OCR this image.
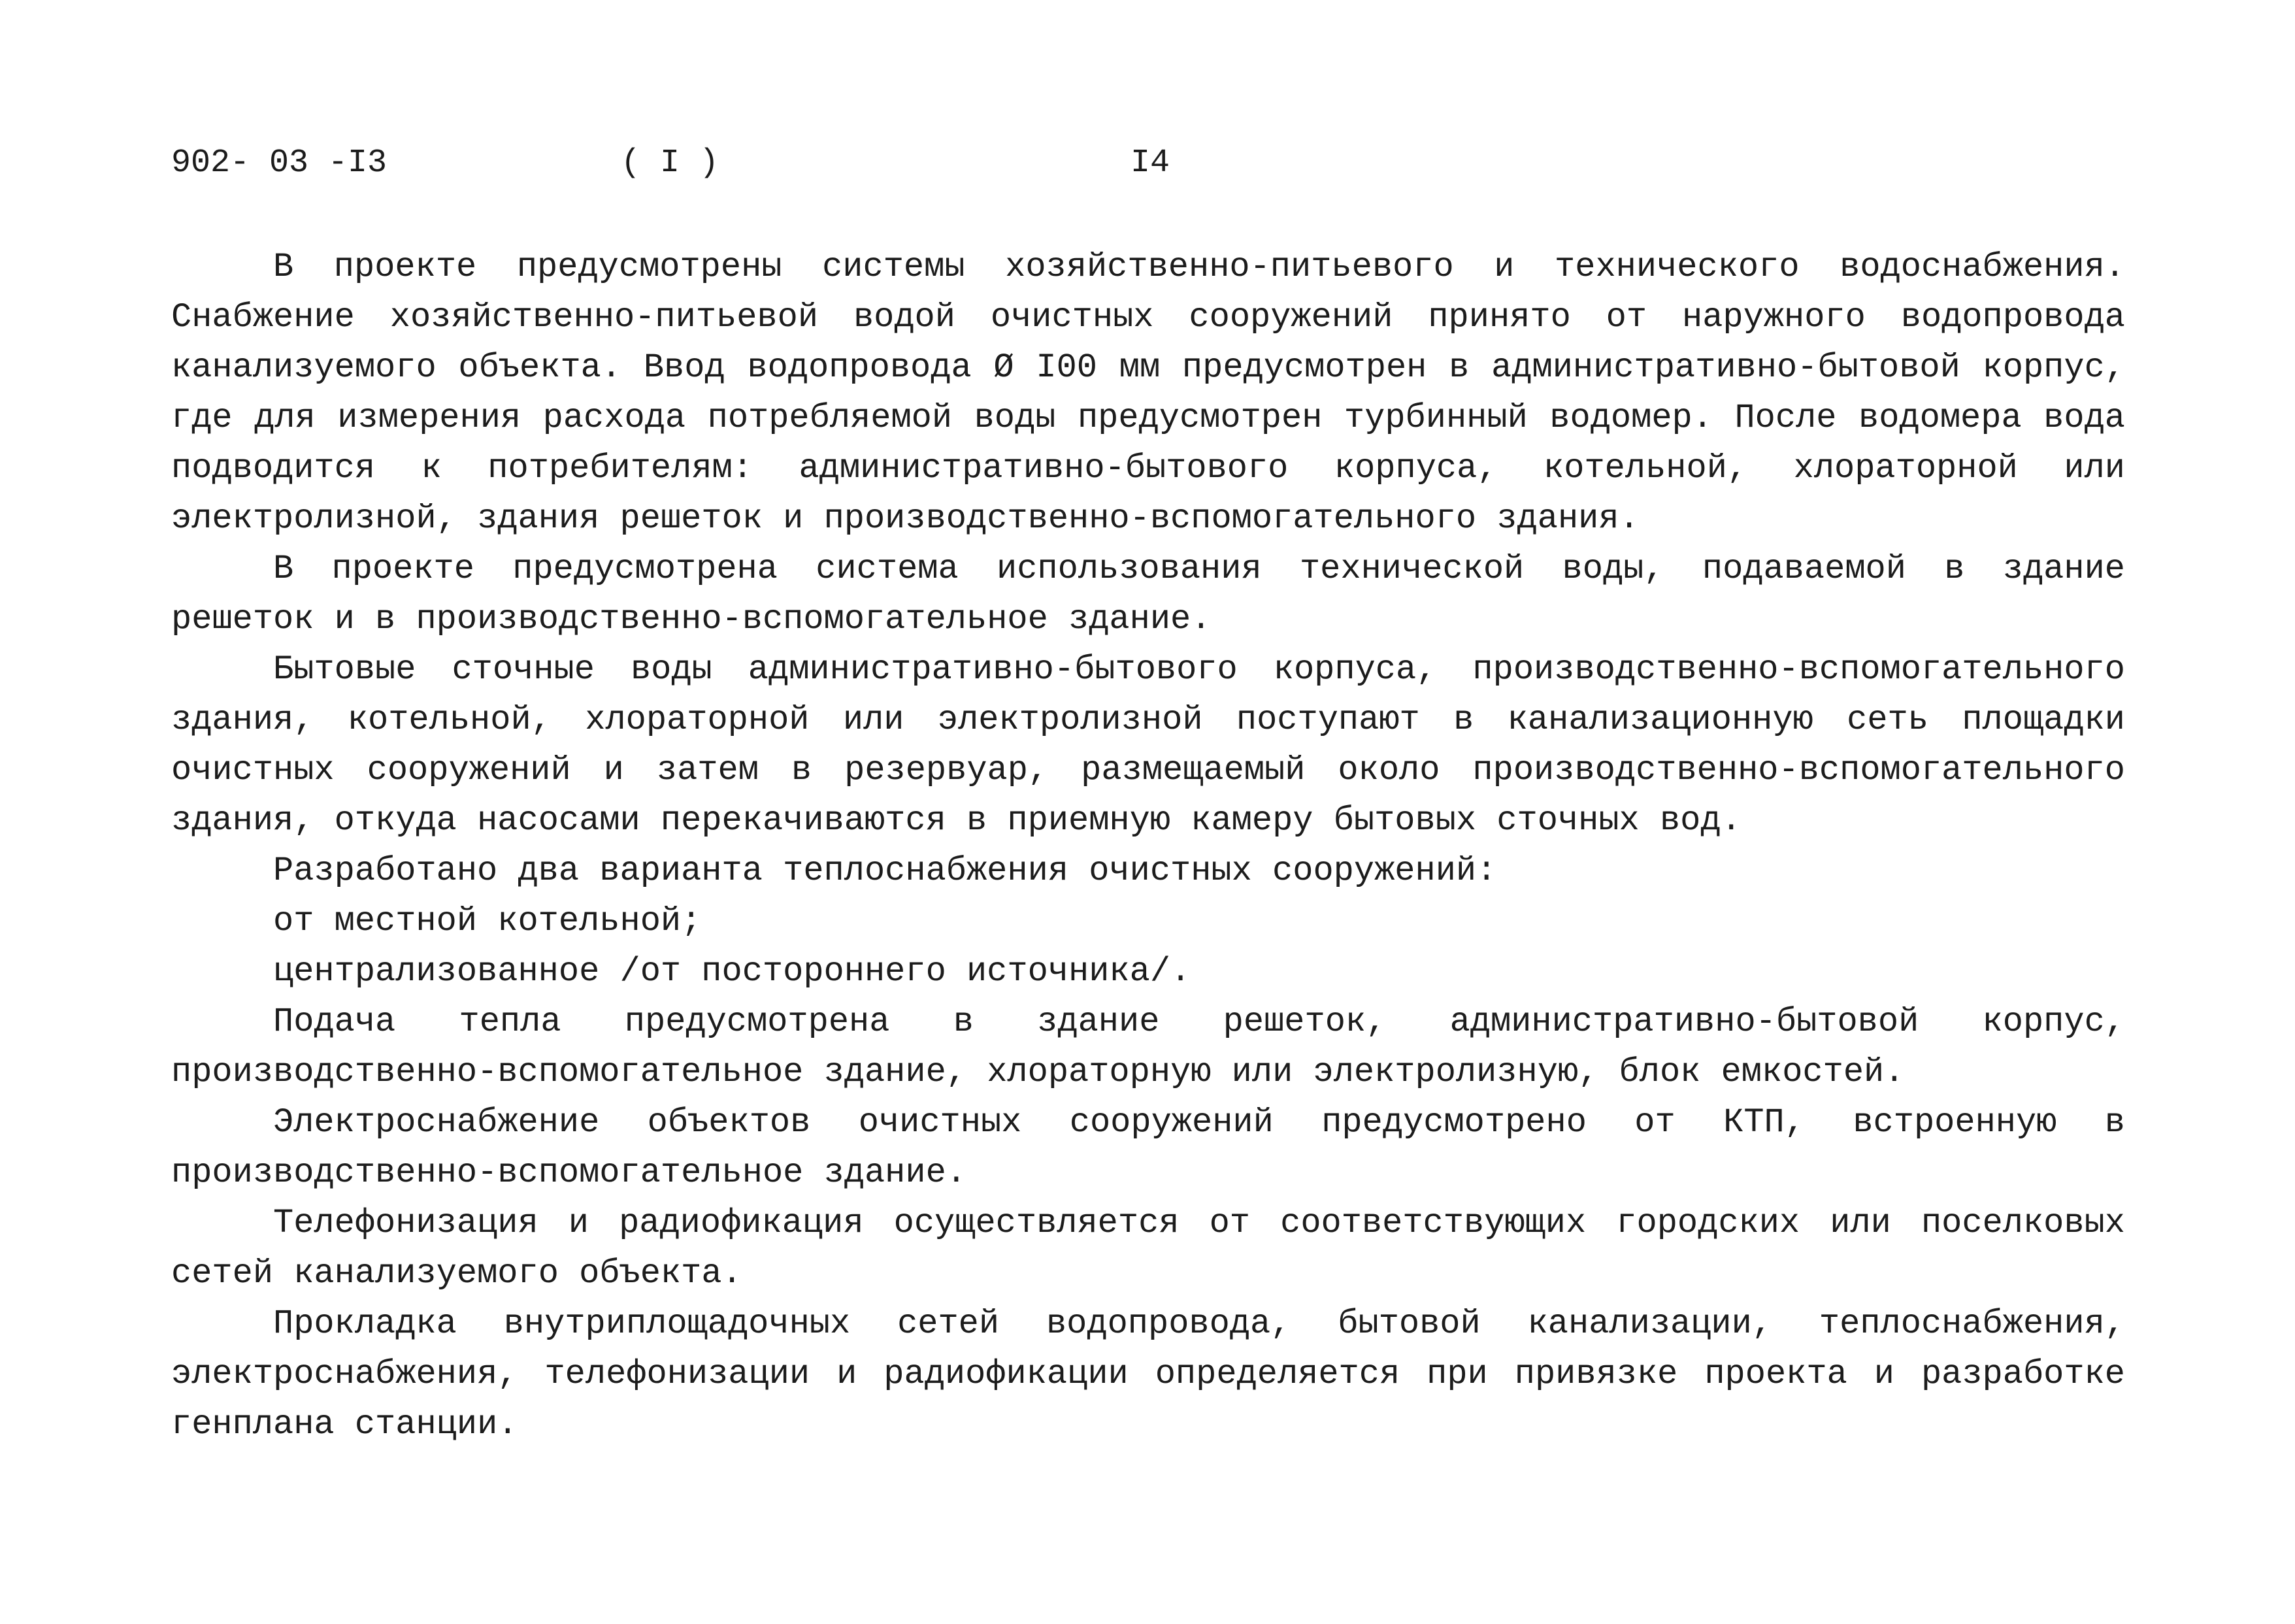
902- 03 -I3	( I )	I4

В проекте предусмотрены системы хозяйственно-питьевого и технического водоснабжения. Снабжение хозяйственно-питьевой водой очистных сооружений принято от наружного водопровода канализуемого объекта. Ввод водопровода Ø I00 мм предусмотрен в административно-бытовой корпус, где для измерения расхода потребляемой воды предусмотрен турбинный водомер. После водомера вода подводится к потребителям: административно-бытового корпуса, котельной, хлораторной или электролизной, здания решеток и производственно-вспомогательного здания.

В проекте предусмотрена система использования технической воды, подаваемой в здание решеток и в производственно-вспомогательное здание.

Бытовые сточные воды административно-бытового корпуса, производственно-вспомогательного здания, котельной, хлораторной или электролизной поступают в канализационную сеть площадки очистных сооружений и затем в резервуар, размещаемый около производственно-вспомогательного здания, откуда насосами перекачиваются в приемную камеру бытовых сточных вод.

Разработано два варианта теплоснабжения очистных сооружений:

от местной котельной;

централизованное /от постороннего источника/.

Подача тепла предусмотрена в здание решеток, административно-бытовой корпус, производственно-вспомогательное здание, хлораторную или электролизную, блок емкостей.

Электроснабжение объектов очистных сооружений предусмотрено от КТП, встроенную в производственно-вспомогательное здание.

Телефонизация и радиофикация осуществляется от соответствующих городских или поселковых сетей канализуемого объекта.

Прокладка внутриплощадочных сетей водопровода, бытовой канализации, теплоснабжения, электроснабжения, телефонизации и радиофикации определяется при привязке проекта и разработке генплана станции.
